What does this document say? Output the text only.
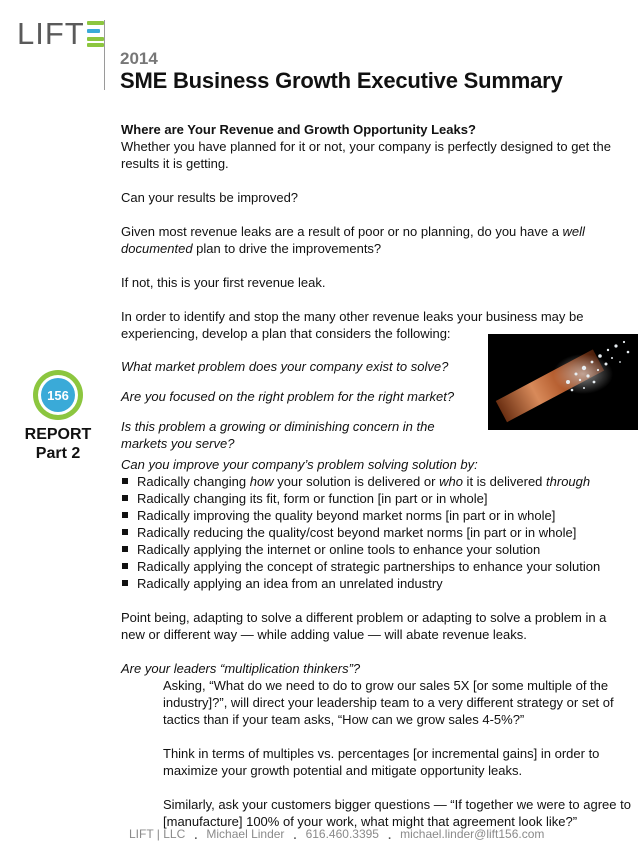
LIFT
2014
SME Business Growth Executive Summary
156
REPORT
Part 2

Where are Your Revenue and Growth Opportunity Leaks?

Whether you have planned for it or not, your company is perfectly designed to get the results it is getting.

Can your results be improved?

Given most revenue leaks are a result of poor or no planning, do you have a well documented plan to drive the improvements?

If not, this is your first revenue leak.

In order to identify and stop the many other revenue leaks your business may be experiencing, develop a plan that considers the following:

What market problem does your company exist to solve?

Are you focused on the right problem for the right market?

Is this problem a growing or diminishing concern in the markets you serve?

Can you improve your company’s problem solving solution by:

Radically changing how your solution is delivered or who it is delivered through
Radically changing its fit, form or function [in part or in whole]
Radically improving the quality beyond market norms [in part or in whole]
Radically reducing the quality/cost beyond market norms [in part or in whole]
Radically applying the internet or online tools to enhance your solution
Radically applying the concept of strategic partnerships to enhance your solution
Radically applying an idea from an unrelated industry

Point being, adapting to solve a different problem or adapting to solve a problem in a new or different way — while adding value — will abate revenue leaks.

Are your leaders “multiplication thinkers”?

Asking, “What do we need to do to grow our sales 5X [or some multiple of the industry]?”, will direct your leadership team to a very different strategy or set of tactics than if your team asks, “How can we grow sales 4-5%?”

Think in terms of multiples vs. percentages [or incremental gains] in order to maximize your growth potential and mitigate opportunity leaks.

Similarly, ask your customers bigger questions — “If together we were to agree to [manufacture] 100% of your work, what might that agreement look like?”

LIFT | LLC . Michael Linder . 616.460.3395 . michael.linder@lift156.com
